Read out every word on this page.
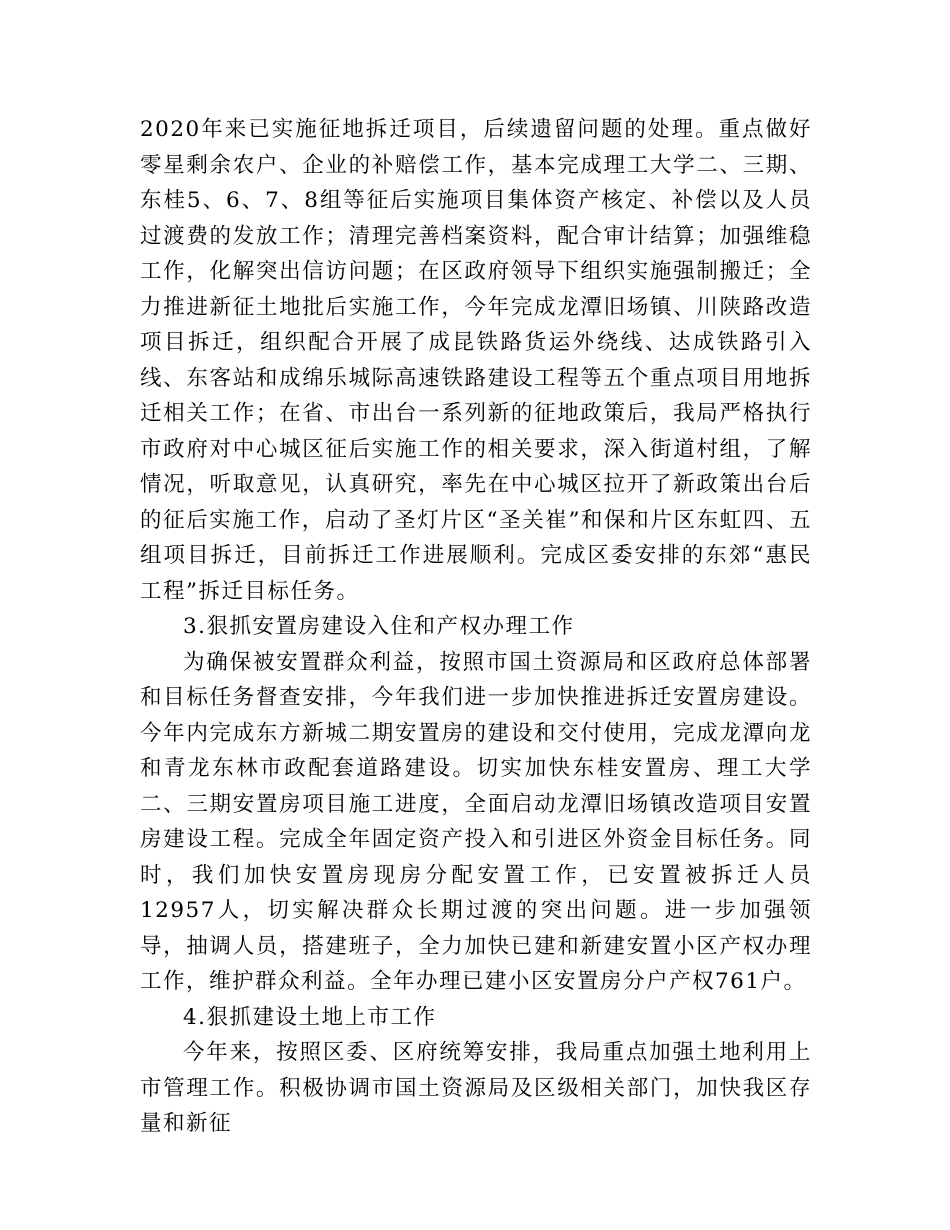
2020年来已实施征地拆迁项目，后续遗留问题的处理。重点做好零星剩余农户、企业的补赔偿工作，基本完成理工大学二、三期、东桂5、6、7、8组等征后实施项目集体资产核定、补偿以及人员过渡费的发放工作；清理完善档案资料，配合审计结算；加强维稳工作，化解突出信访问题；在区政府领导下组织实施强制搬迁；全力推进新征土地批后实施工作，今年完成龙潭旧场镇、川陕路改造项目拆迁，组织配合开展了成昆铁路货运外绕线、达成铁路引入线、东客站和成绵乐城际高速铁路建设工程等五个重点项目用地拆迁相关工作；在省、市出台一系列新的征地政策后，我局严格执行市政府对中心城区征后实施工作的相关要求，深入街道村组，了解情况，听取意见，认真研究，率先在中心城区拉开了新政策出台后的征后实施工作，启动了圣灯片区“圣关崔”和保和片区东虹四、五组项目拆迁，目前拆迁工作进展顺利。完成区委安排的东郊“惠民工程”拆迁目标任务。

3.狠抓安置房建设入住和产权办理工作

为确保被安置群众利益，按照市国土资源局和区政府总体部署和目标任务督查安排，今年我们进一步加快推进拆迁安置房建设。今年内完成东方新城二期安置房的建设和交付使用，完成龙潭向龙和青龙东林市政配套道路建设。切实加快东桂安置房、理工大学二、三期安置房项目施工进度，全面启动龙潭旧场镇改造项目安置房建设工程。完成全年固定资产投入和引进区外资金目标任务。同时，我们加快安置房现房分配安置工作，已安置被拆迁人员12957人，切实解决群众长期过渡的突出问题。进一步加强领导，抽调人员，搭建班子，全力加快已建和新建安置小区产权办理工作，维护群众利益。全年办理已建小区安置房分户产权761户。

4.狠抓建设土地上市工作

今年来，按照区委、区府统筹安排，我局重点加强土地利用上市管理工作。积极协调市国土资源局及区级相关部门，加快我区存量和新征
